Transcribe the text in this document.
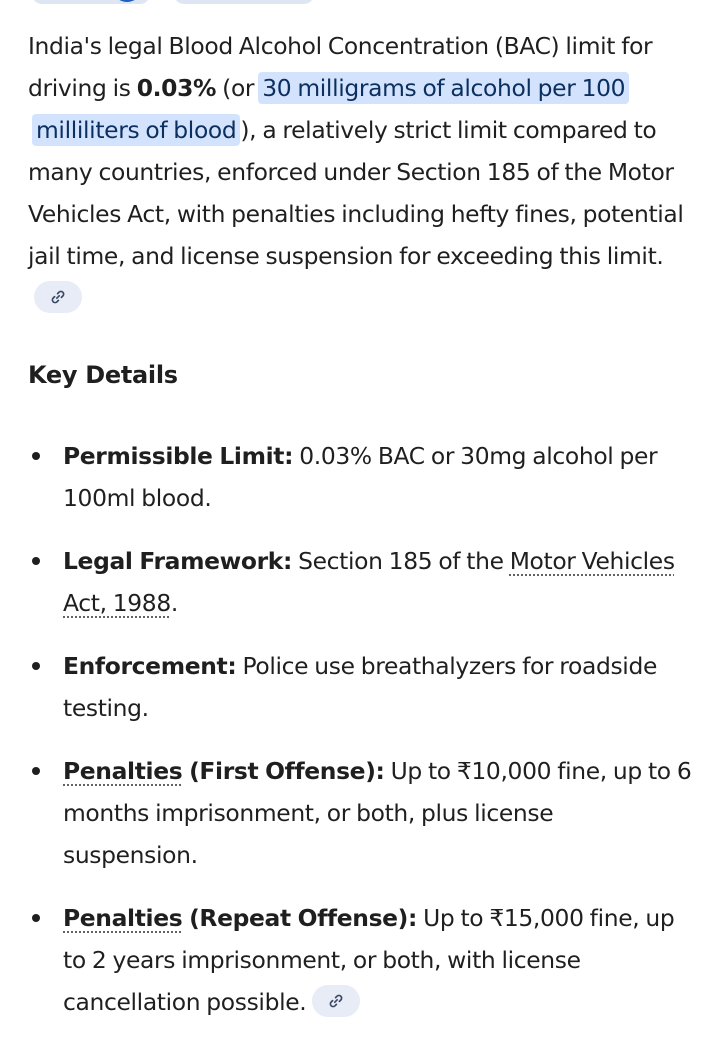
India's legal Blood Alcohol Concentration (BAC) limit for driving is 0.03% (or 30 milligrams of alcohol per 100 milliliters of blood ), a relatively strict limit compared to many countries, enforced under Section 185 of the Motor Vehicles Act, with penalties including hefty fines, potential jail time, and license suspension for exceeding this limit.

Key Details
Permissible Limit: 0.03% BAC or 30mg alcohol per 100ml blood.
Legal Framework: Section 185 of the Motor Vehicles Act, 1988.
Enforcement: Police use breathalyzers for roadside testing.
Penalties (First Offense): Up to ₹10,000 fine, up to 6 months imprisonment, or both, plus license suspension.
Penalties (Repeat Offense): Up to ₹15,000 fine, up to 2 years imprisonment, or both, with license cancellation possible.
